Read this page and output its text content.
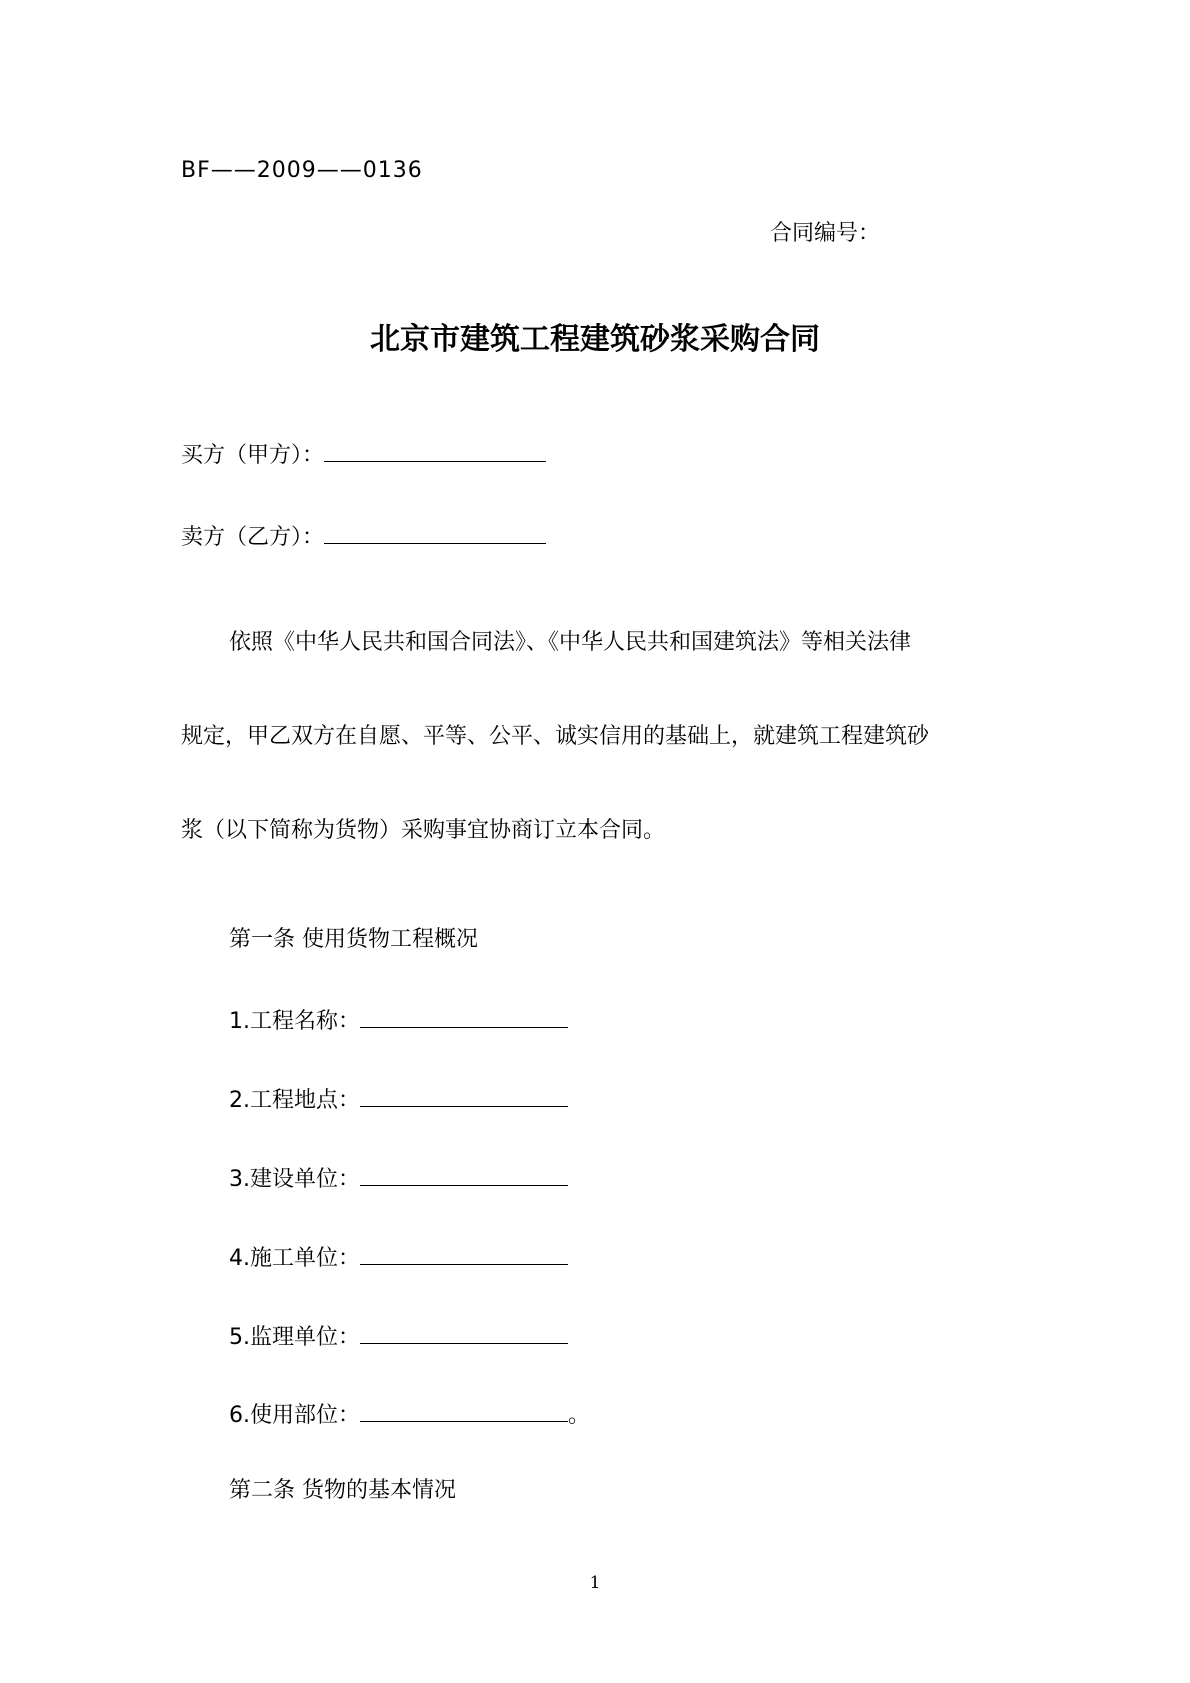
BF——2009——0136
合同编号：
北京市建筑工程建筑砂浆采购合同
买方（甲方）：
卖方（乙方）：
依照《中华人民共和国合同法》、《中华人民共和国建筑法》等相关法律
规定，甲乙双方在自愿、平等、公平、诚实信用的基础上，就建筑工程建筑砂
浆（以下简称为货物）采购事宜协商订立本合同。
第一条 使用货物工程概况
1.工程名称：
2.工程地点：
3.建设单位：
4.施工单位：
5.监理单位：
6.使用部位：	。
第二条 货物的基本情况
1
